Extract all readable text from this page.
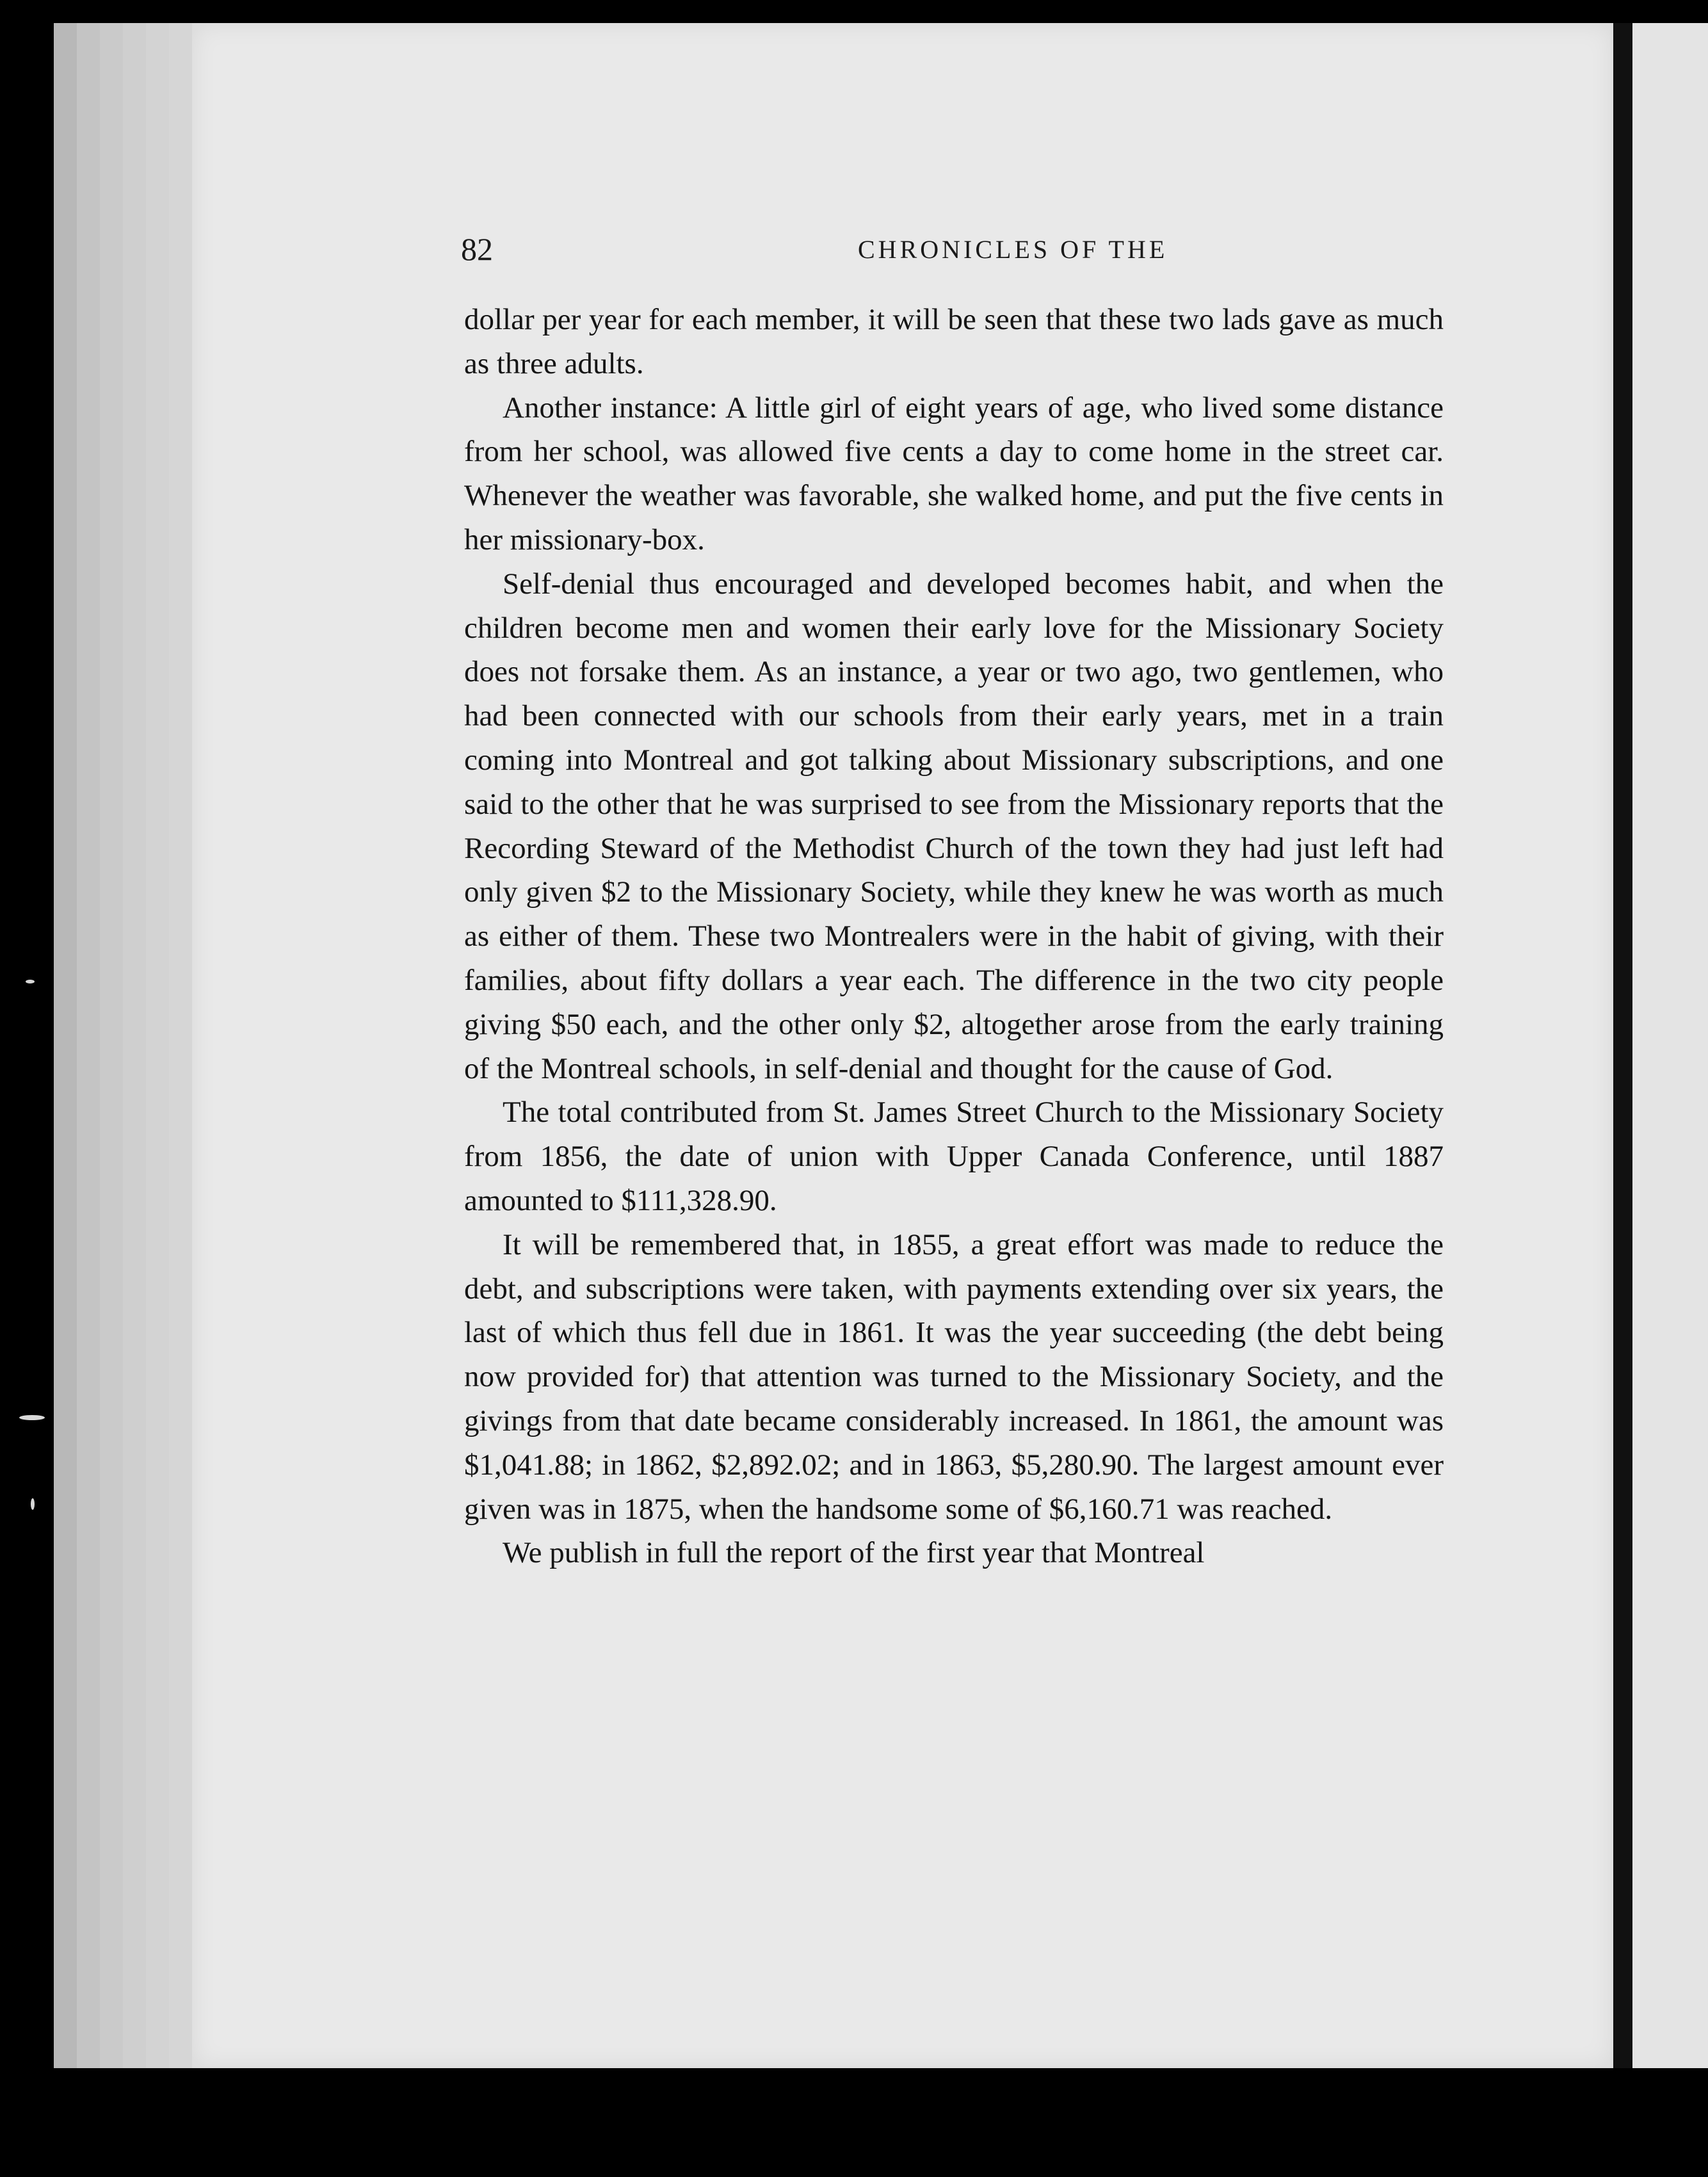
82	CHRONICLES OF THE

dollar per year for each member, it will be seen that these two lads gave as much as three adults.

Another instance: A little girl of eight years of age, who lived some distance from her school, was allowed five cents a day to come home in the street car. Whenever the weather was favorable, she walked home, and put the five cents in her missionary-box.

Self-denial thus encouraged and developed becomes habit, and when the children become men and women their early love for the Missionary Society does not forsake them. As an instance, a year or two ago, two gentlemen, who had been connected with our schools from their early years, met in a train coming into Montreal and got talking about Missionary subscriptions, and one said to the other that he was surprised to see from the Missionary reports that the Recording Steward of the Methodist Church of the town they had just left had only given $2 to the Missionary Society, while they knew he was worth as much as either of them. These two Montrealers were in the habit of giving, with their families, about fifty dollars a year each. The difference in the two city people giving $50 each, and the other only $2, altogether arose from the early training of the Montreal schools, in self-denial and thought for the cause of God.

The total contributed from St. James Street Church to the Missionary Society from 1856, the date of union with Upper Canada Conference, until 1887 amounted to $111,328.90.

It will be remembered that, in 1855, a great effort was made to reduce the debt, and subscriptions were taken, with payments extending over six years, the last of which thus fell due in 1861. It was the year succeeding (the debt being now provided for) that attention was turned to the Missionary Society, and the givings from that date became considerably increased. In 1861, the amount was $1,041.88; in 1862, $2,892.02; and in 1863, $5,280.90. The largest amount ever given was in 1875, when the handsome some of $6,160.71 was reached.

We publish in full the report of the first year that Montreal
